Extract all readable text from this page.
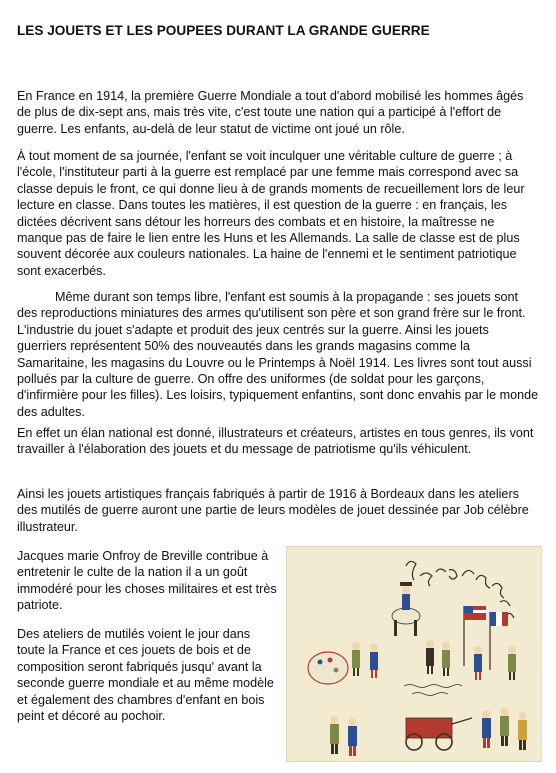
LES JOUETS ET LES POUPEES DURANT LA GRANDE GUERRE

En France en 1914, la première Guerre Mondiale a tout d'abord mobilisé les hommes âgés de plus de dix-sept ans, mais très vite, c'est toute une nation qui a participé à l'effort de guerre. Les enfants, au-delà de leur statut de victime ont joué un rôle.

À tout moment de sa journée, l'enfant se voit inculquer une véritable culture de guerre ; à l'école, l'instituteur parti à la guerre est remplacé par une femme mais correspond avec sa classe depuis le front, ce qui donne lieu à de grands moments de recueillement lors de leur lecture en classe. Dans toutes les matières, il est question de la guerre : en français, les dictées décrivent sans détour les horreurs des combats et en histoire, la maîtresse ne manque pas de faire le lien entre les Huns et les Allemands. La salle de classe est de plus souvent décorée aux couleurs nationales. La haine de l'ennemi et le sentiment patriotique sont exacerbés.

Même durant son temps libre, l'enfant est soumis à la propagande : ses jouets sont des reproductions miniatures des armes qu'utilisent son père et son grand frère sur le front. L'industrie du jouet s'adapte et produit des jeux centrés sur la guerre. Ainsi les jouets guerriers représentent 50% des nouveautés dans les grands magasins comme la Samaritaine, les magasins du Louvre ou le Printemps à Noël 1914. Les livres sont tout aussi pollués par la culture de guerre. On offre des uniformes (de soldat pour les garçons, d'infirmière pour les filles). Les loisirs, typiquement enfantins, sont donc envahis par le monde des adultes.

En effet un élan national est donné, illustrateurs et créateurs, artistes en tous genres, ils vont travailler à l'élaboration des jouets et du message de patriotisme qu'ils véhiculent.

Ainsi les jouets artistiques français fabriqués à partir de 1916 à Bordeaux dans les ateliers des mutilés de guerre auront une partie de leurs modèles de jouet dessinée par Job célèbre illustrateur.

Jacques marie Onfroy de Breville contribue à entretenir le culte de la nation il a un goût immodéré pour les choses militaires et est très patriote.

Des ateliers de mutilés voient le jour dans toute la France et ces jouets de bois et de composition seront fabriqués jusqu' avant la seconde guerre mondiale et au même modèle et également des chambres d'enfant en bois peint et décoré au pochoir.
